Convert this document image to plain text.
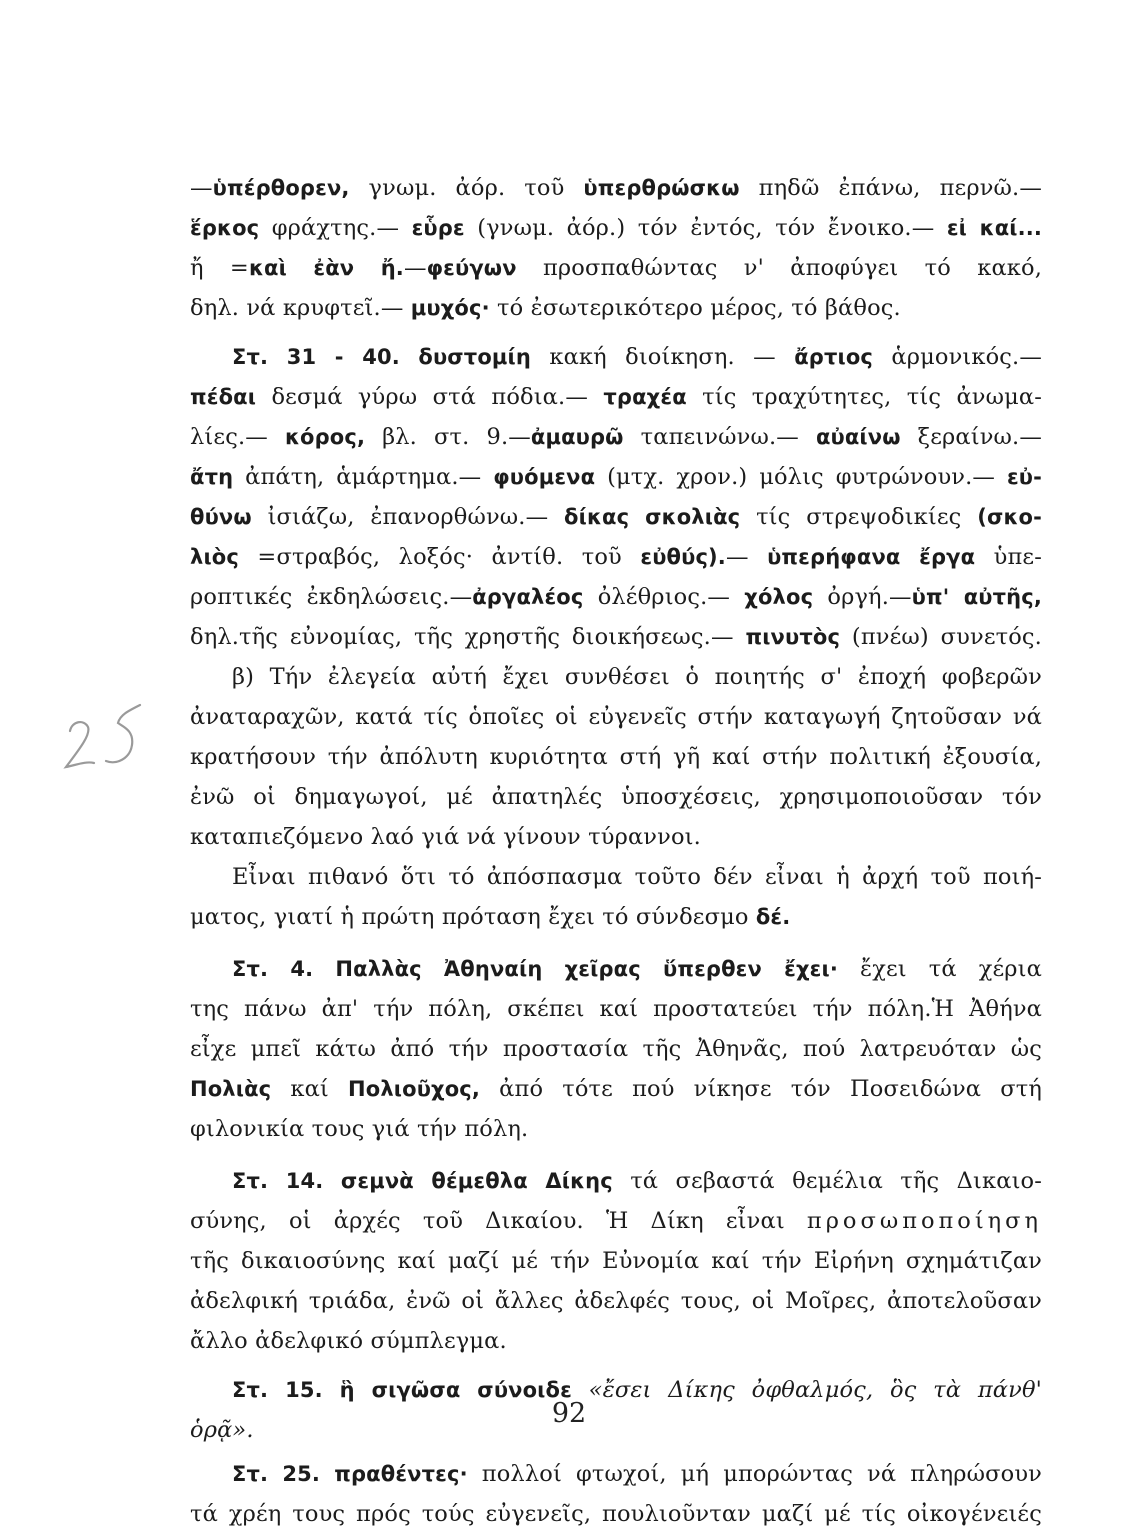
—ὑπέρθορεν, γνωμ. ἀόρ. τοῦ ὑπερθρώσκω πηδῶ ἐπάνω, περνῶ.—
ἕρκος φράχτης.— εὗρε (γνωμ. ἀόρ.) τόν ἐντός, τόν ἔνοικο.— εἰ καί...
ἤ =καὶ ἐὰν ἤ.—φεύγων προσπαθώντας ν' ἀποφύγει τό κακό,
δηλ. νά κρυφτεῖ.— μυχός· τό ἐσωτερικότερο μέρος, τό βάθος.
Στ. 31 - 40. δυστομίη κακή διοίκηση. — ἄρτιος ἁρμονικός.—
πέδαι δεσμά γύρω στά πόδια.— τραχέα τίς τραχύτητες, τίς ἀνωμα-
λίες.— κόρος, βλ. στ. 9.—ἀμαυρῶ ταπεινώνω.— αὐαίνω ξεραίνω.—
ἄτη ἀπάτη, ἁμάρτημα.— φυόμενα (μτχ. χρον.) μόλις φυτρώνουν.— εὐ-
θύνω ἰσιάζω, ἐπανορθώνω.— δίκας σκολιὰς τίς στρεψοδικίες (σκο-
λιὸς =στραβός, λοξός· ἀντίθ. τοῦ εὐθύς).— ὑπερήφανα ἔργα ὑπε-
ροπτικές ἐκδηλώσεις.—ἀργαλέος ὀλέθριος.— χόλος ὀργή.—ὑπ' αὐτῆς,
δηλ.τῆς εὐνομίας, τῆς χρηστῆς διοικήσεως.— πινυτὸς (πνέω) συνετός.
β) Τήν ἐλεγεία αὐτή ἔχει συνθέσει ὁ ποιητής σ' ἐποχή φοβερῶν
ἀναταραχῶν, κατά τίς ὁποῖες οἱ εὐγενεῖς στήν καταγωγή ζητοῦσαν νά
κρατήσουν τήν ἀπόλυτη κυριότητα στή γῆ καί στήν πολιτική ἐξουσία,
ἐνῶ οἱ δημαγωγοί, μέ ἀπατηλές ὑποσχέσεις, χρησιμοποιοῦσαν τόν
καταπιεζόμενο λαό γιά νά γίνουν τύραννοι.
Εἶναι πιθανό ὅτι τό ἀπόσπασμα τοῦτο δέν εἶναι ἡ ἀρχή τοῦ ποιή-
ματος, γιατί ἡ πρώτη πρόταση ἔχει τό σύνδεσμο δέ.
Στ. 4. Παλλὰς Ἀθηναίη χεῖρας ὕπερθεν ἔχει· ἔχει τά χέρια
της πάνω ἀπ' τήν πόλη, σκέπει καί προστατεύει τήν πόλη.Ἡ Ἀθήνα
εἶχε μπεῖ κάτω ἀπό τήν προστασία τῆς Ἀθηνᾶς, πού λατρευόταν ὡς
Πολιὰς καί Πολιοῦχος, ἀπό τότε πού νίκησε τόν Ποσειδώνα στή
φιλονικία τους γιά τήν πόλη.
Στ. 14. σεμνὰ θέμεθλα Δίκης τά σεβαστά θεμέλια τῆς Δικαιο-
σύνης, οἱ ἀρχές τοῦ Δικαίου. Ἡ Δίκη εἶναι προσωποποίηση
τῆς δικαιοσύνης καί μαζί μέ τήν Εὐνομία καί τήν Εἰρήνη σχημάτιζαν
ἀδελφική τριάδα, ἐνῶ οἱ ἄλλες ἀδελφές τους, οἱ Μοῖρες, ἀποτελοῦσαν
ἄλλο ἀδελφικό σύμπλεγμα.
Στ. 15. ἣ σιγῶσα σύνοιδε «ἔσει Δίκης ὀφθαλμός, ὃς τὰ πάνθ'
ὁρᾷ».
Στ. 25. πραθέντες· πολλοί φτωχοί, μή μπορώντας νά πληρώσουν
τά χρέη τους πρός τούς εὐγενεῖς, πουλιοῦνταν μαζί μέ τίς οἰκογένειές
92
